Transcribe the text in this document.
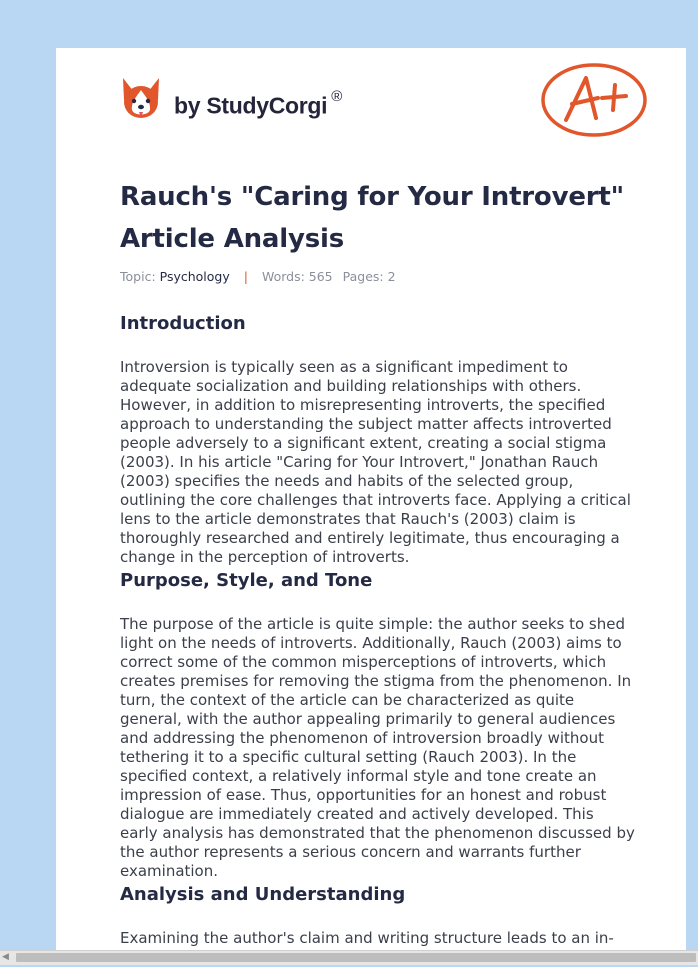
by StudyCorgi ®
A+
Rauch's "Caring for Your Introvert" Article Analysis
Topic: Psychology | Words: 565 Pages: 2
Introduction

Introversion is typically seen as a significant impediment to adequate socialization and building relationships with others. However, in addition to misrepresenting introverts, the specified approach to understanding the subject matter affects introverted people adversely to a significant extent, creating a social stigma (2003). In his article "Caring for Your Introvert," Jonathan Rauch (2003) specifies the needs and habits of the selected group, outlining the core challenges that introverts face. Applying a critical lens to the article demonstrates that Rauch's (2003) claim is thoroughly researched and entirely legitimate, thus encouraging a change in the perception of introverts.

Purpose, Style, and Tone

The purpose of the article is quite simple: the author seeks to shed light on the needs of introverts. Additionally, Rauch (2003) aims to correct some of the common misperceptions of introverts, which creates premises for removing the stigma from the phenomenon. In turn, the context of the article can be characterized as quite general, with the author appealing primarily to general audiences and addressing the phenomenon of introversion broadly without tethering it to a specific cultural setting (Rauch 2003). In the specified context, a relatively informal style and tone create an impression of ease. Thus, opportunities for an honest and robust dialogue are immediately created and actively developed. This early analysis has demonstrated that the phenomenon discussed by the author represents a serious concern and warrants further examination.

Analysis and Understanding

Examining the author's claim and writing structure leads to an in-

◀
